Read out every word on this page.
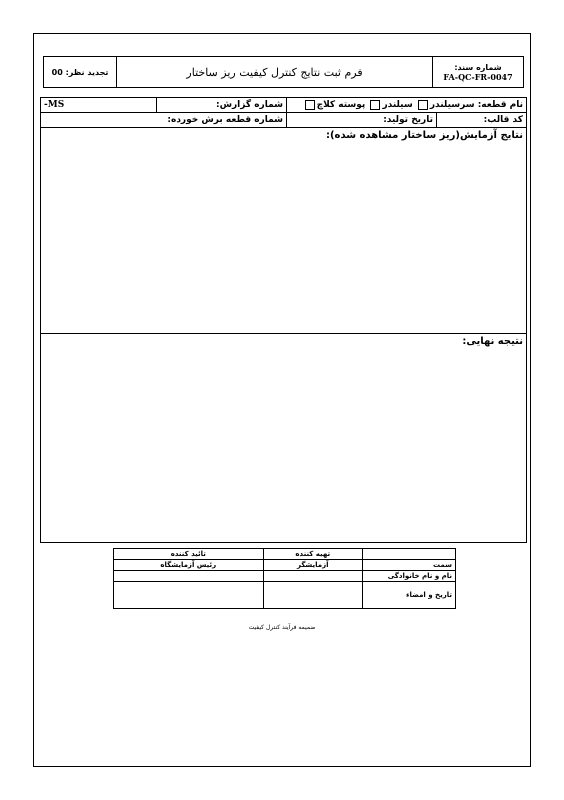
شماره سند:
FA-QC-FR-0047
فرم ثبت نتایج کنترل کیفیت ریز ساختار
تجدید نظر: 00
نام قطعه:

سرسیلندر

سیلندر

پوسته کلاچ
شماره گزارش:
MS-
کد قالب:
تاریخ تولید:
شماره قطعه برش خورده:
نتایج آزمایش(ریز ساختار مشاهده شده):
نتیجه نهایی:
	تهیه کننده	تائید کننده
سمت	آزمایشگر	رئیس آزمایشگاه
نام و نام خانوادگی		
تاریخ و امضاء		
ضمیمه فرآیند کنترل کیفیت
